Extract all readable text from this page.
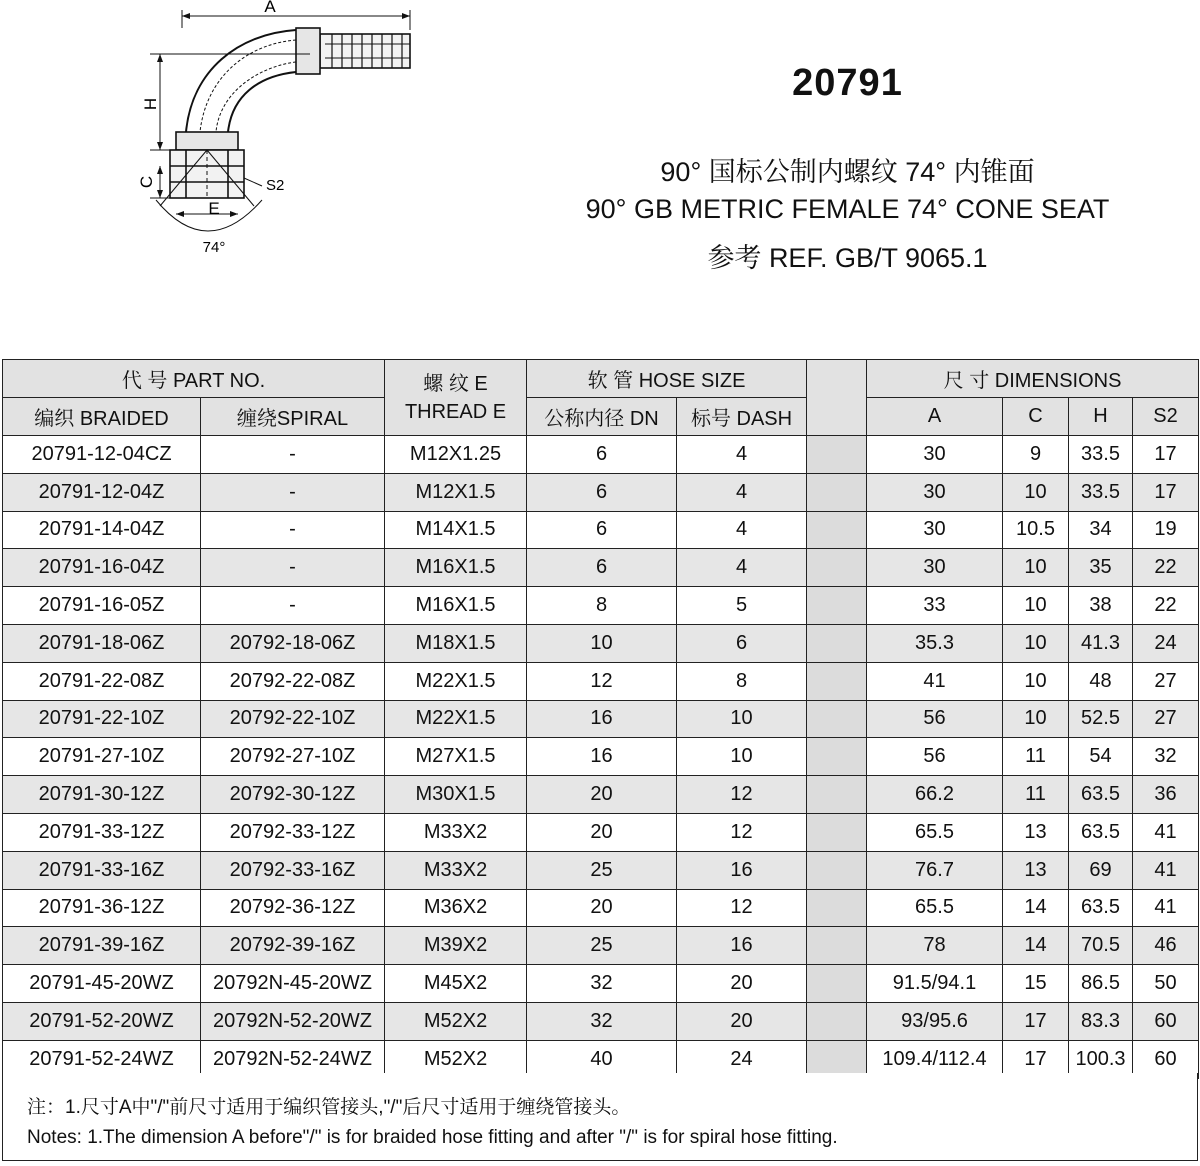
A
H
C
E
S2
74°
20791
90° 国标公制内螺纹 74° 内锥面
90° GB METRIC FEMALE 74° CONE SEAT
参考 REF. GB/T 9065.1
代 号 PART NO.		螺 纹 E
THREAD E	软 管 HOSE SIZE			尺 寸 DIMENSIONS			
编织 BRAIDED	缠绕SPIRAL		公称内径 DN	标号 DASH		A	C	H	S2
20791-12-04CZ	-	M12X1.25	6	4		30	9	33.5	17
20791-12-04Z	-	M12X1.5	6	4		30	10	33.5	17
20791-14-04Z	-	M14X1.5	6	4		30	10.5	34	19
20791-16-04Z	-	M16X1.5	6	4		30	10	35	22
20791-16-05Z	-	M16X1.5	8	5		33	10	38	22
20791-18-06Z	20792-18-06Z	M18X1.5	10	6		35.3	10	41.3	24
20791-22-08Z	20792-22-08Z	M22X1.5	12	8		41	10	48	27
20791-22-10Z	20792-22-10Z	M22X1.5	16	10		56	10	52.5	27
20791-27-10Z	20792-27-10Z	M27X1.5	16	10		56	11	54	32
20791-30-12Z	20792-30-12Z	M30X1.5	20	12		66.2	11	63.5	36
20791-33-12Z	20792-33-12Z	M33X2	20	12		65.5	13	63.5	41
20791-33-16Z	20792-33-16Z	M33X2	25	16		76.7	13	69	41
20791-36-12Z	20792-36-12Z	M36X2	20	12		65.5	14	63.5	41
20791-39-16Z	20792-39-16Z	M39X2	25	16		78	14	70.5	46
20791-45-20WZ	20792N-45-20WZ	M45X2	32	20		91.5/94.1	15	86.5	50
20791-52-20WZ	20792N-52-20WZ	M52X2	32	20		93/95.6	17	83.3	60
20791-52-24WZ	20792N-52-24WZ	M52X2	40	24		109.4/112.4	17	100.3	60
注：1.尺寸A中"/"前尺寸适用于编织管接头,"/"后尺寸适用于缠绕管接头。
Notes: 1.The dimension A before"/" is for braided hose fitting and after "/" is for spiral hose fitting.
